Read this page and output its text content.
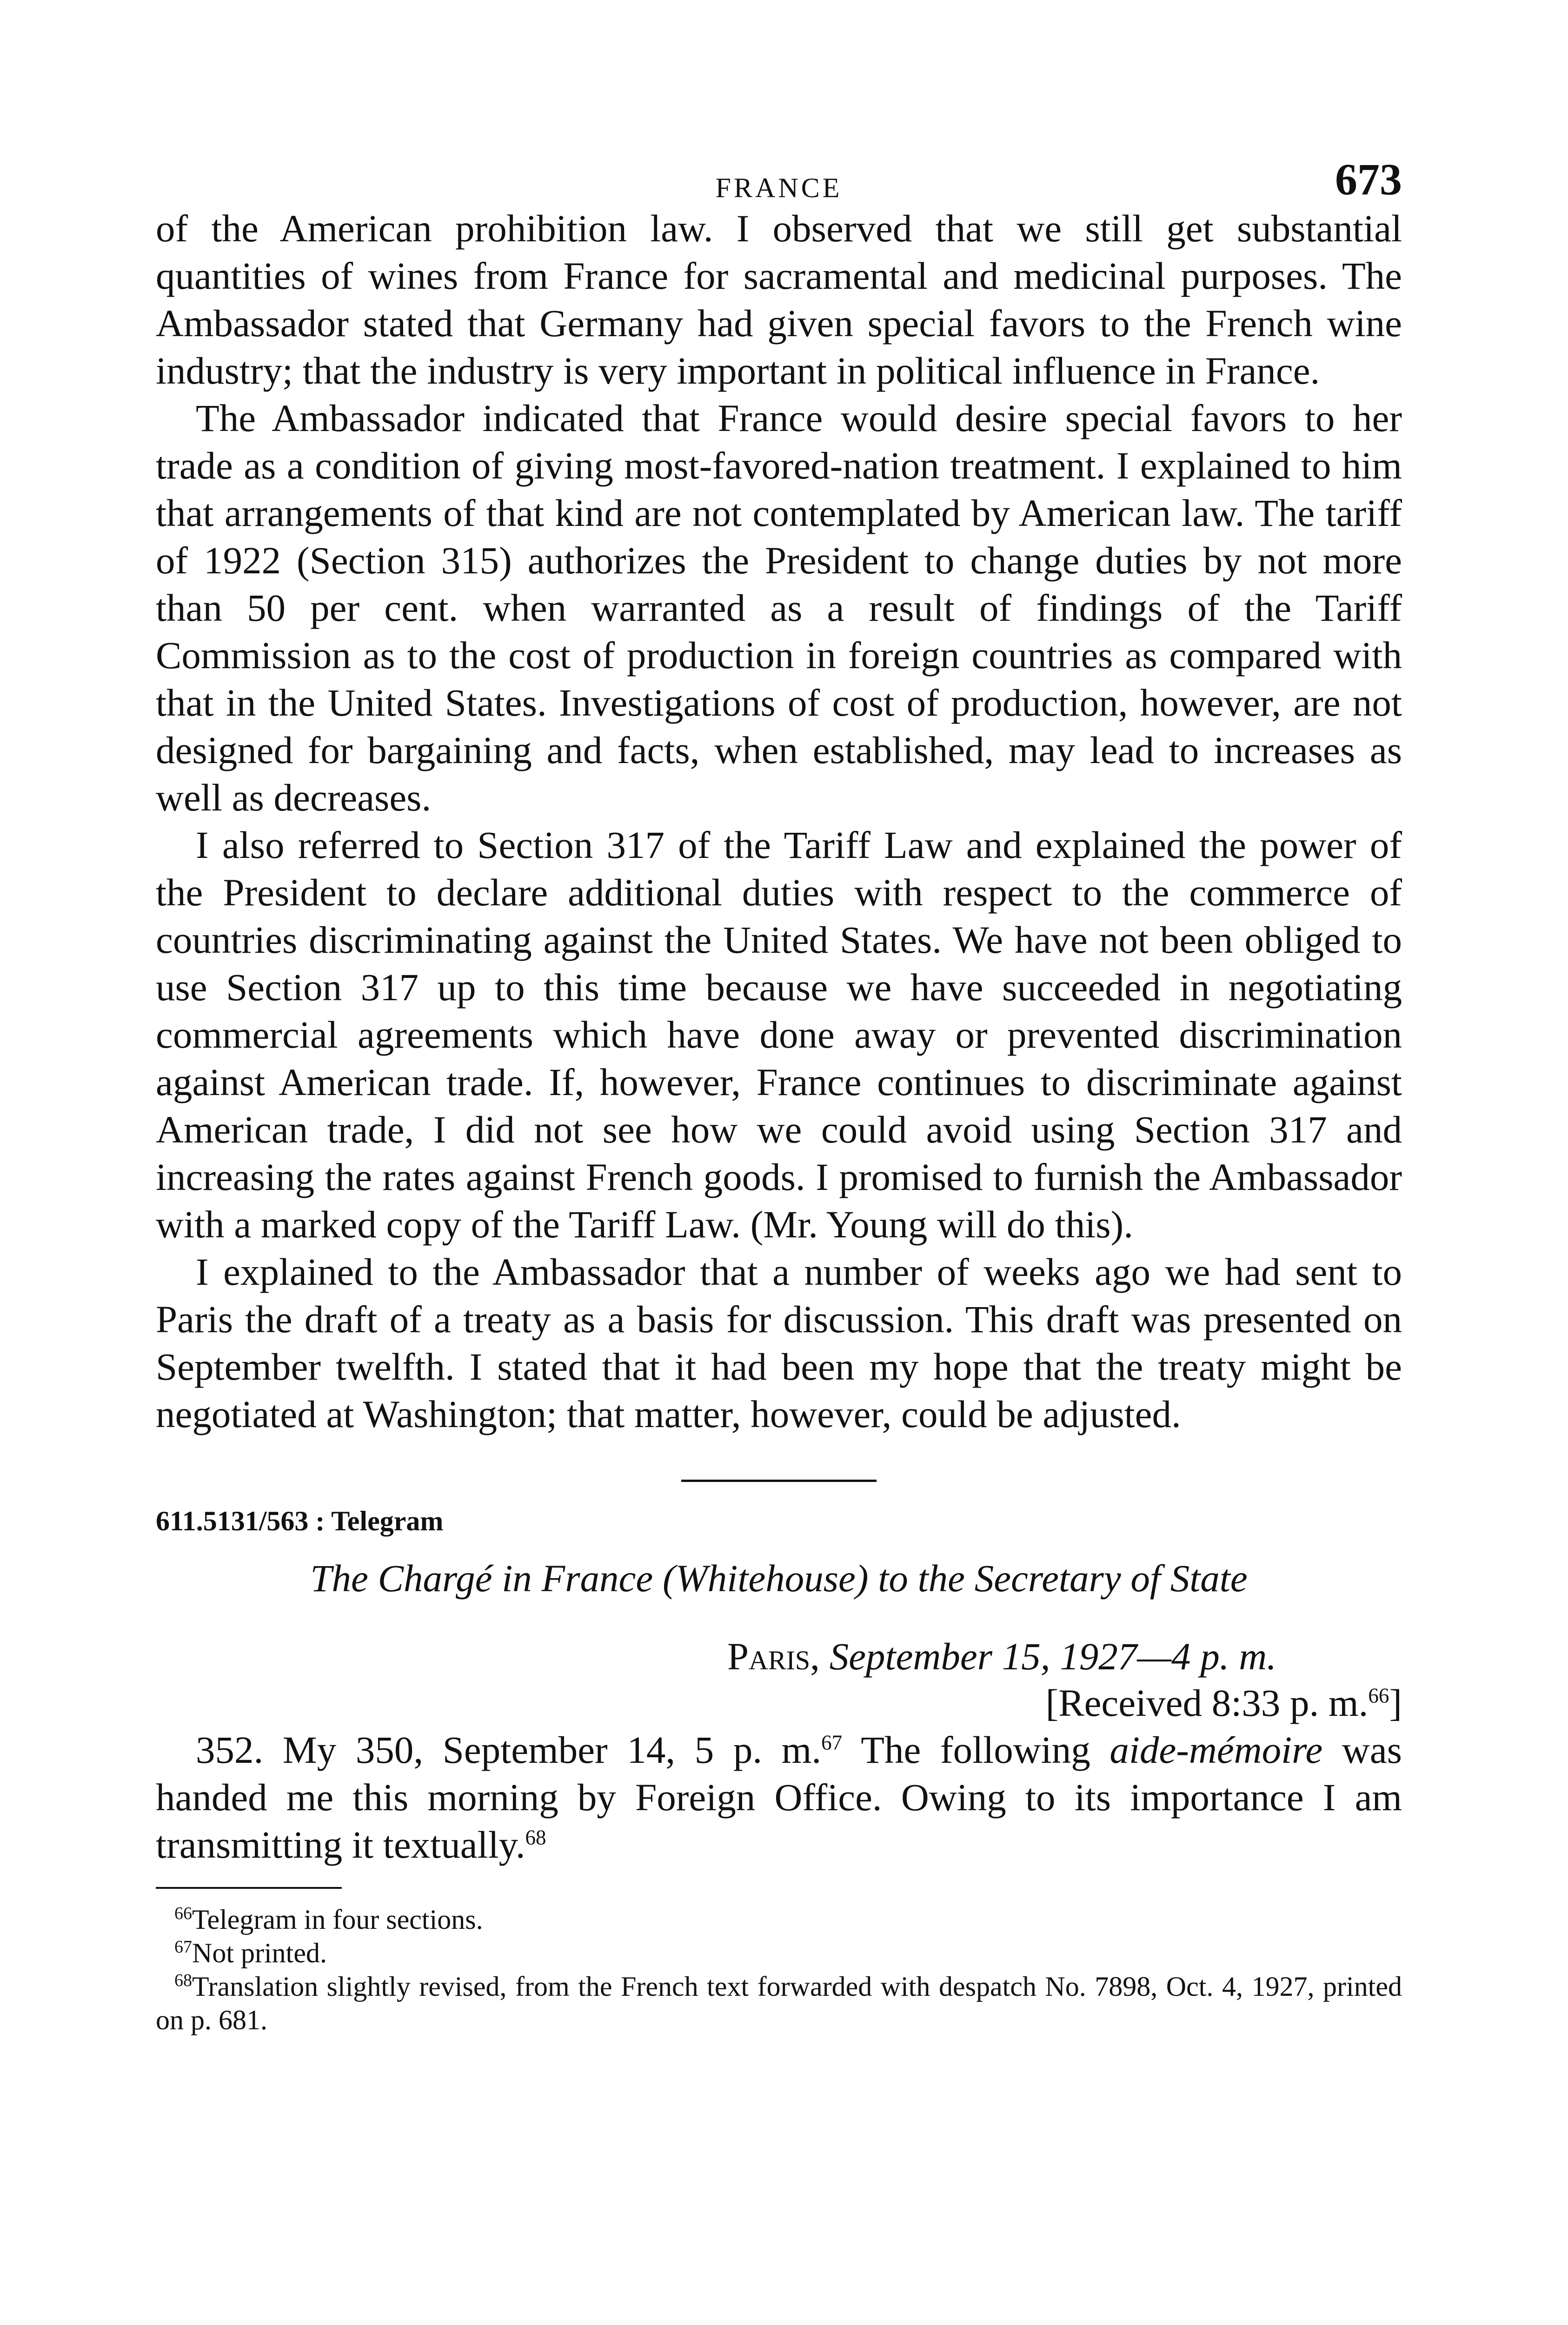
FRANCE	673

of the American prohibition law. I observed that we still get substantial quantities of wines from France for sacramental and medicinal purposes. The Ambassador stated that Germany had given special favors to the French wine industry; that the industry is very important in political influence in France.

The Ambassador indicated that France would desire special favors to her trade as a condition of giving most-favored-nation treatment. I explained to him that arrangements of that kind are not contemplated by American law. The tariff of 1922 (Section 315) authorizes the President to change duties by not more than 50 per cent. when warranted as a result of findings of the Tariff Commission as to the cost of production in foreign countries as compared with that in the United States. Investigations of cost of production, however, are not designed for bargaining and facts, when established, may lead to increases as well as decreases.

I also referred to Section 317 of the Tariff Law and explained the power of the President to declare additional duties with respect to the commerce of countries discriminating against the United States. We have not been obliged to use Section 317 up to this time because we have succeeded in negotiating commercial agreements which have done away or prevented discrimination against American trade. If, however, France continues to discriminate against American trade, I did not see how we could avoid using Section 317 and increasing the rates against French goods. I promised to furnish the Ambassador with a marked copy of the Tariff Law. (Mr. Young will do this).

I explained to the Ambassador that a number of weeks ago we had sent to Paris the draft of a treaty as a basis for discussion. This draft was presented on September twelfth. I stated that it had been my hope that the treaty might be negotiated at Washington; that matter, however, could be adjusted.

611.5131/563 : Telegram
The Chargé in France (Whitehouse) to the Secretary of State
Paris, September 15, 1927—4 p. m.
[Received 8:33 p. m.$^{66}$]

352. My 350, September 14, 5 p. m.$^{67}$ The following aide-mémoire was handed me this morning by Foreign Office. Owing to its importance I am transmitting it textually.$^{68}$

$^{66}$Telegram in four sections.

$^{67}$Not printed.

$^{68}$Translation slightly revised, from the French text forwarded with despatch No. 7898, Oct. 4, 1927, printed on p. 681.
